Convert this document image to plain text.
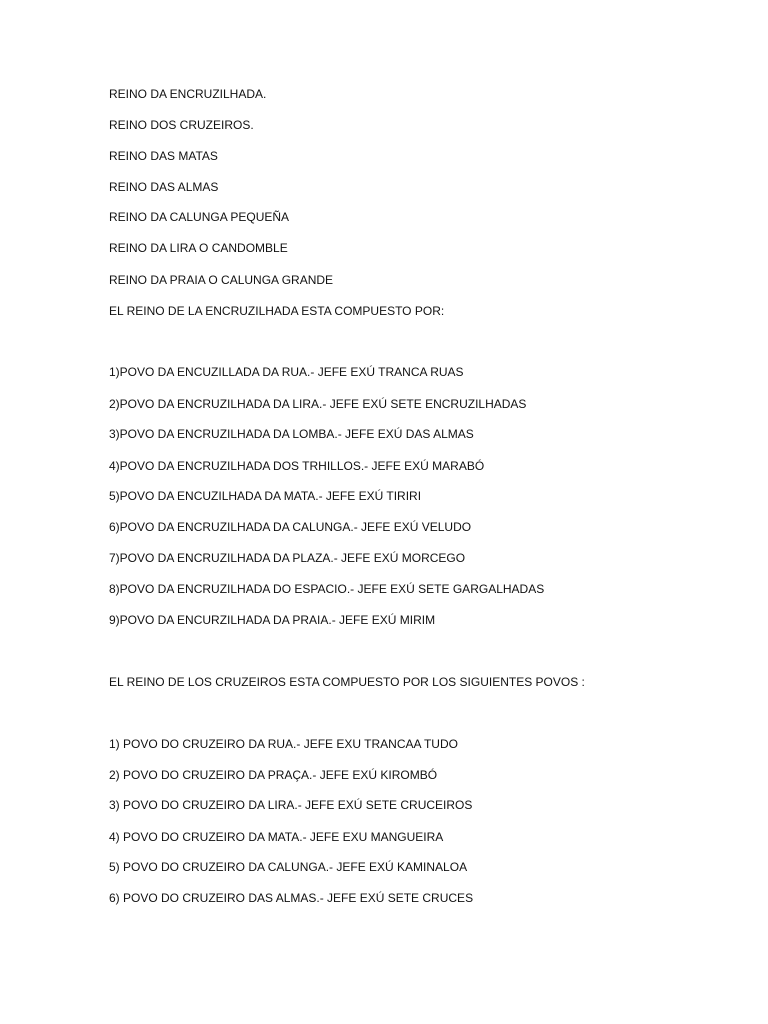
REINO DA ENCRUZILHADA.
REINO DOS CRUZEIROS.
REINO DAS MATAS
REINO DAS ALMAS
REINO DA CALUNGA PEQUEÑA
REINO DA LIRA O CANDOMBLE
REINO DA PRAIA O CALUNGA GRANDE
EL REINO DE LA ENCRUZILHADA ESTA COMPUESTO POR:
1)POVO DA ENCUZILLADA DA RUA.- JEFE EXÚ TRANCA RUAS
2)POVO DA ENCRUZILHADA DA LIRA.- JEFE EXÚ SETE ENCRUZILHADAS
3)POVO DA ENCRUZILHADA DA LOMBA.- JEFE EXÚ DAS ALMAS
4)POVO DA ENCRUZILHADA DOS TRHILLOS.- JEFE EXÚ MARABÓ
5)POVO DA ENCUZILHADA DA MATA.- JEFE EXÚ TIRIRI
6)POVO DA ENCRUZILHADA DA CALUNGA.- JEFE EXÚ VELUDO
7)POVO DA ENCRUZILHADA DA PLAZA.- JEFE EXÚ MORCEGO
8)POVO DA ENCRUZILHADA DO ESPACIO.- JEFE EXÚ SETE GARGALHADAS
9)POVO DA ENCURZILHADA DA PRAIA.- JEFE EXÚ MIRIM
EL REINO DE LOS CRUZEIROS ESTA COMPUESTO POR LOS SIGUIENTES POVOS :
1) POVO DO CRUZEIRO DA RUA.- JEFE EXU TRANCAA TUDO
2) POVO DO CRUZEIRO DA PRAÇA.- JEFE EXÚ KIROMBÓ
3) POVO DO CRUZEIRO DA LIRA.- JEFE EXÚ SETE CRUCEIROS
4) POVO DO CRUZEIRO DA MATA.- JEFE EXU MANGUEIRA
5) POVO DO CRUZEIRO DA CALUNGA.- JEFE EXÚ KAMINALOA
6) POVO DO CRUZEIRO DAS ALMAS.- JEFE EXÚ SETE CRUCES
